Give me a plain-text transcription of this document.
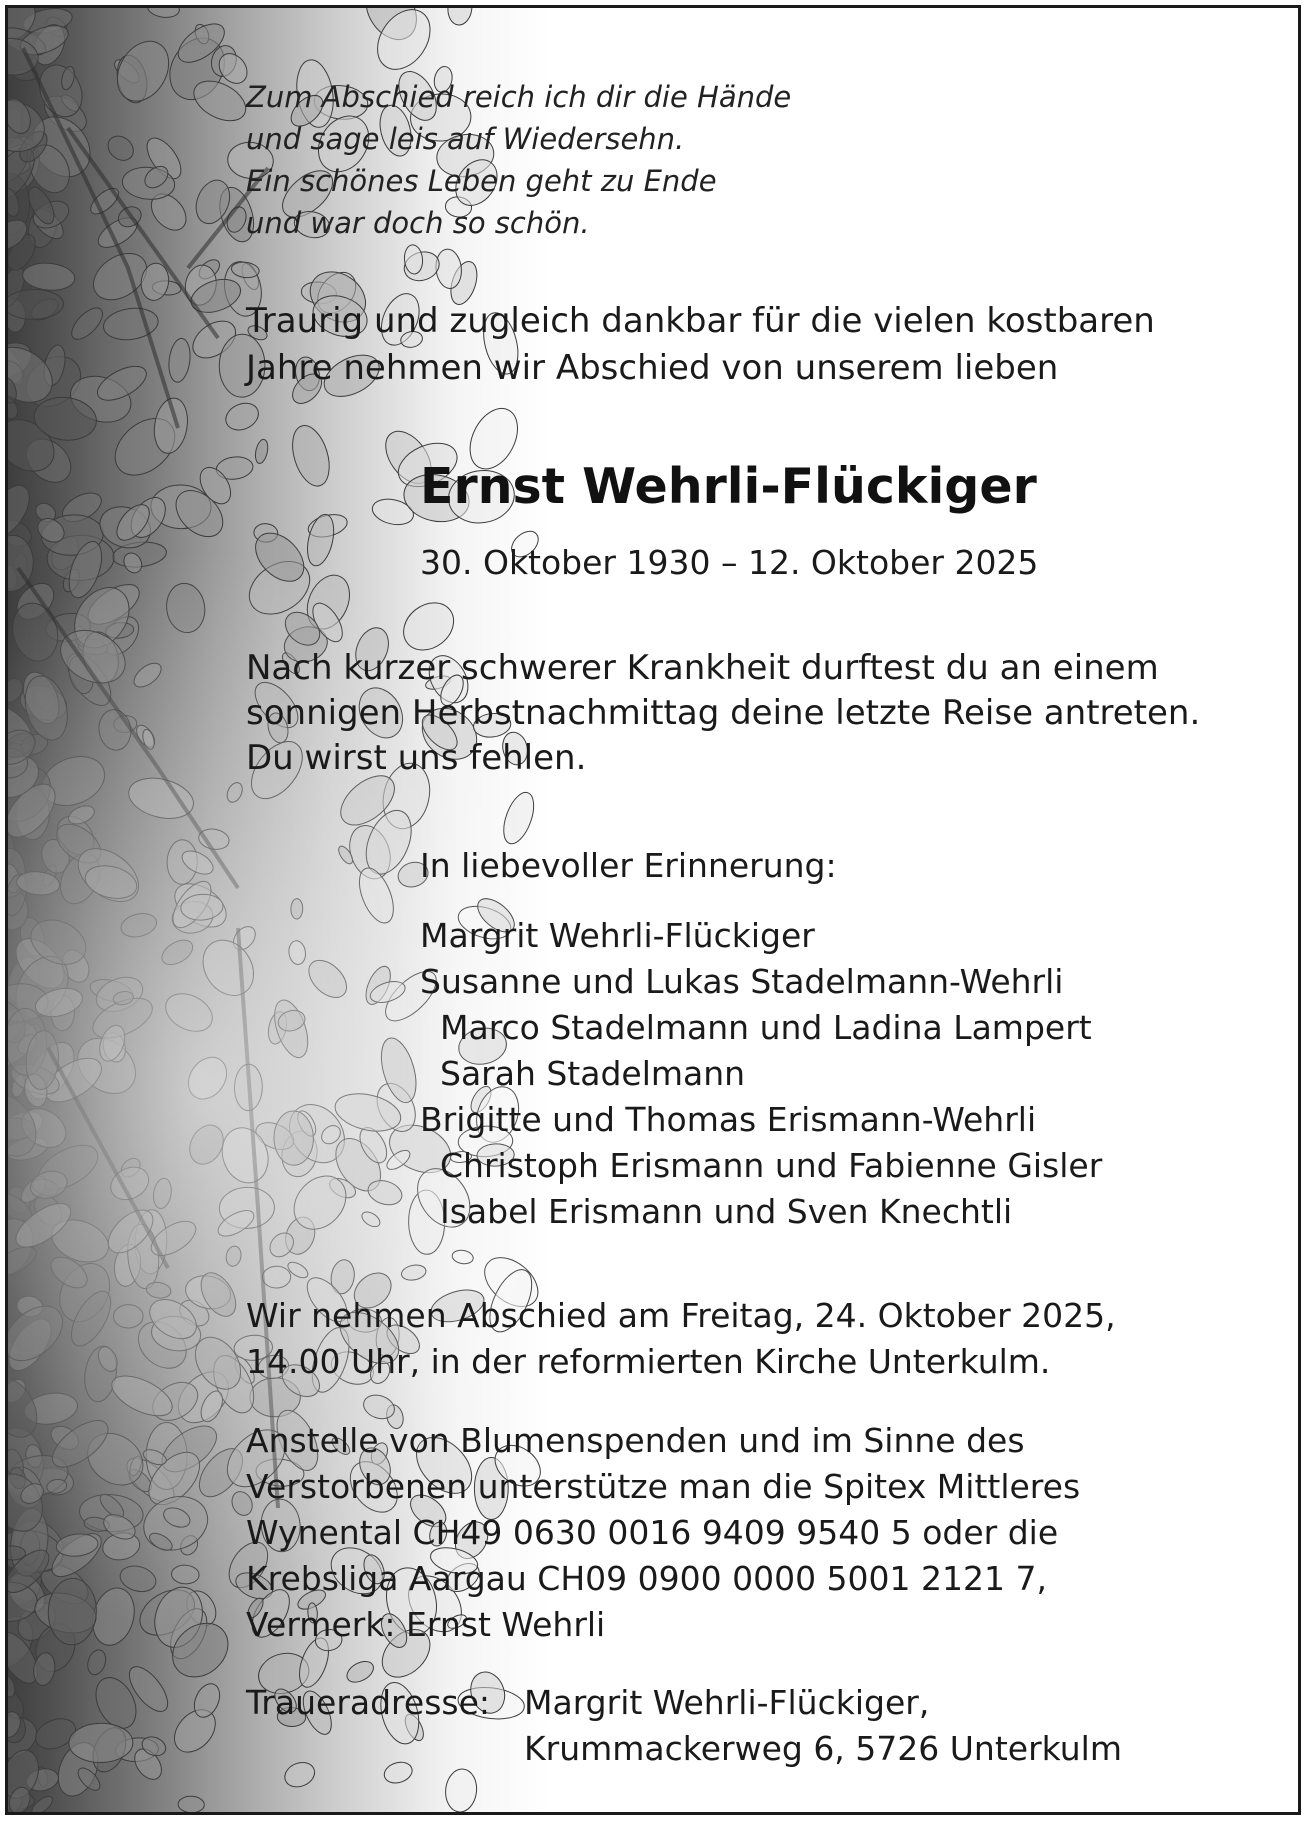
Zum Abschied reich ich dir die Hände
und sage leis auf Wiedersehn.
Ein schönes Leben geht zu Ende
und war doch so schön.
Traurig und zugleich dankbar für die vielen kostbaren
Jahre nehmen wir Abschied von unserem lieben
Ernst Wehrli-Flückiger
30. Oktober 1930 – 12. Oktober 2025
Nach kurzer schwerer Krankheit durftest du an einem
sonnigen Herbstnachmittag deine letzte Reise antreten.
Du wirst uns fehlen.
In liebevoller Erinnerung:
Margrit Wehrli-Flückiger
Susanne und Lukas Stadelmann-Wehrli
Marco Stadelmann und Ladina Lampert
Sarah Stadelmann
Brigitte und Thomas Erismann-Wehrli
Christoph Erismann und Fabienne Gisler
Isabel Erismann und Sven Knechtli
Wir nehmen Abschied am Freitag, 24. Oktober 2025,
14.00 Uhr, in der reformierten Kirche Unterkulm.
Anstelle von Blumenspenden und im Sinne des
Verstorbenen unterstütze man die Spitex Mittleres
Wynental CH49 0630 0016 9409 9540 5 oder die
Krebsliga Aargau CH09 0900 0000 5001 2121 7,
Vermerk: Ernst Wehrli
Traueradresse:	Margrit Wehrli-Flückiger,
Krummackerweg 6, 5726 Unterkulm
